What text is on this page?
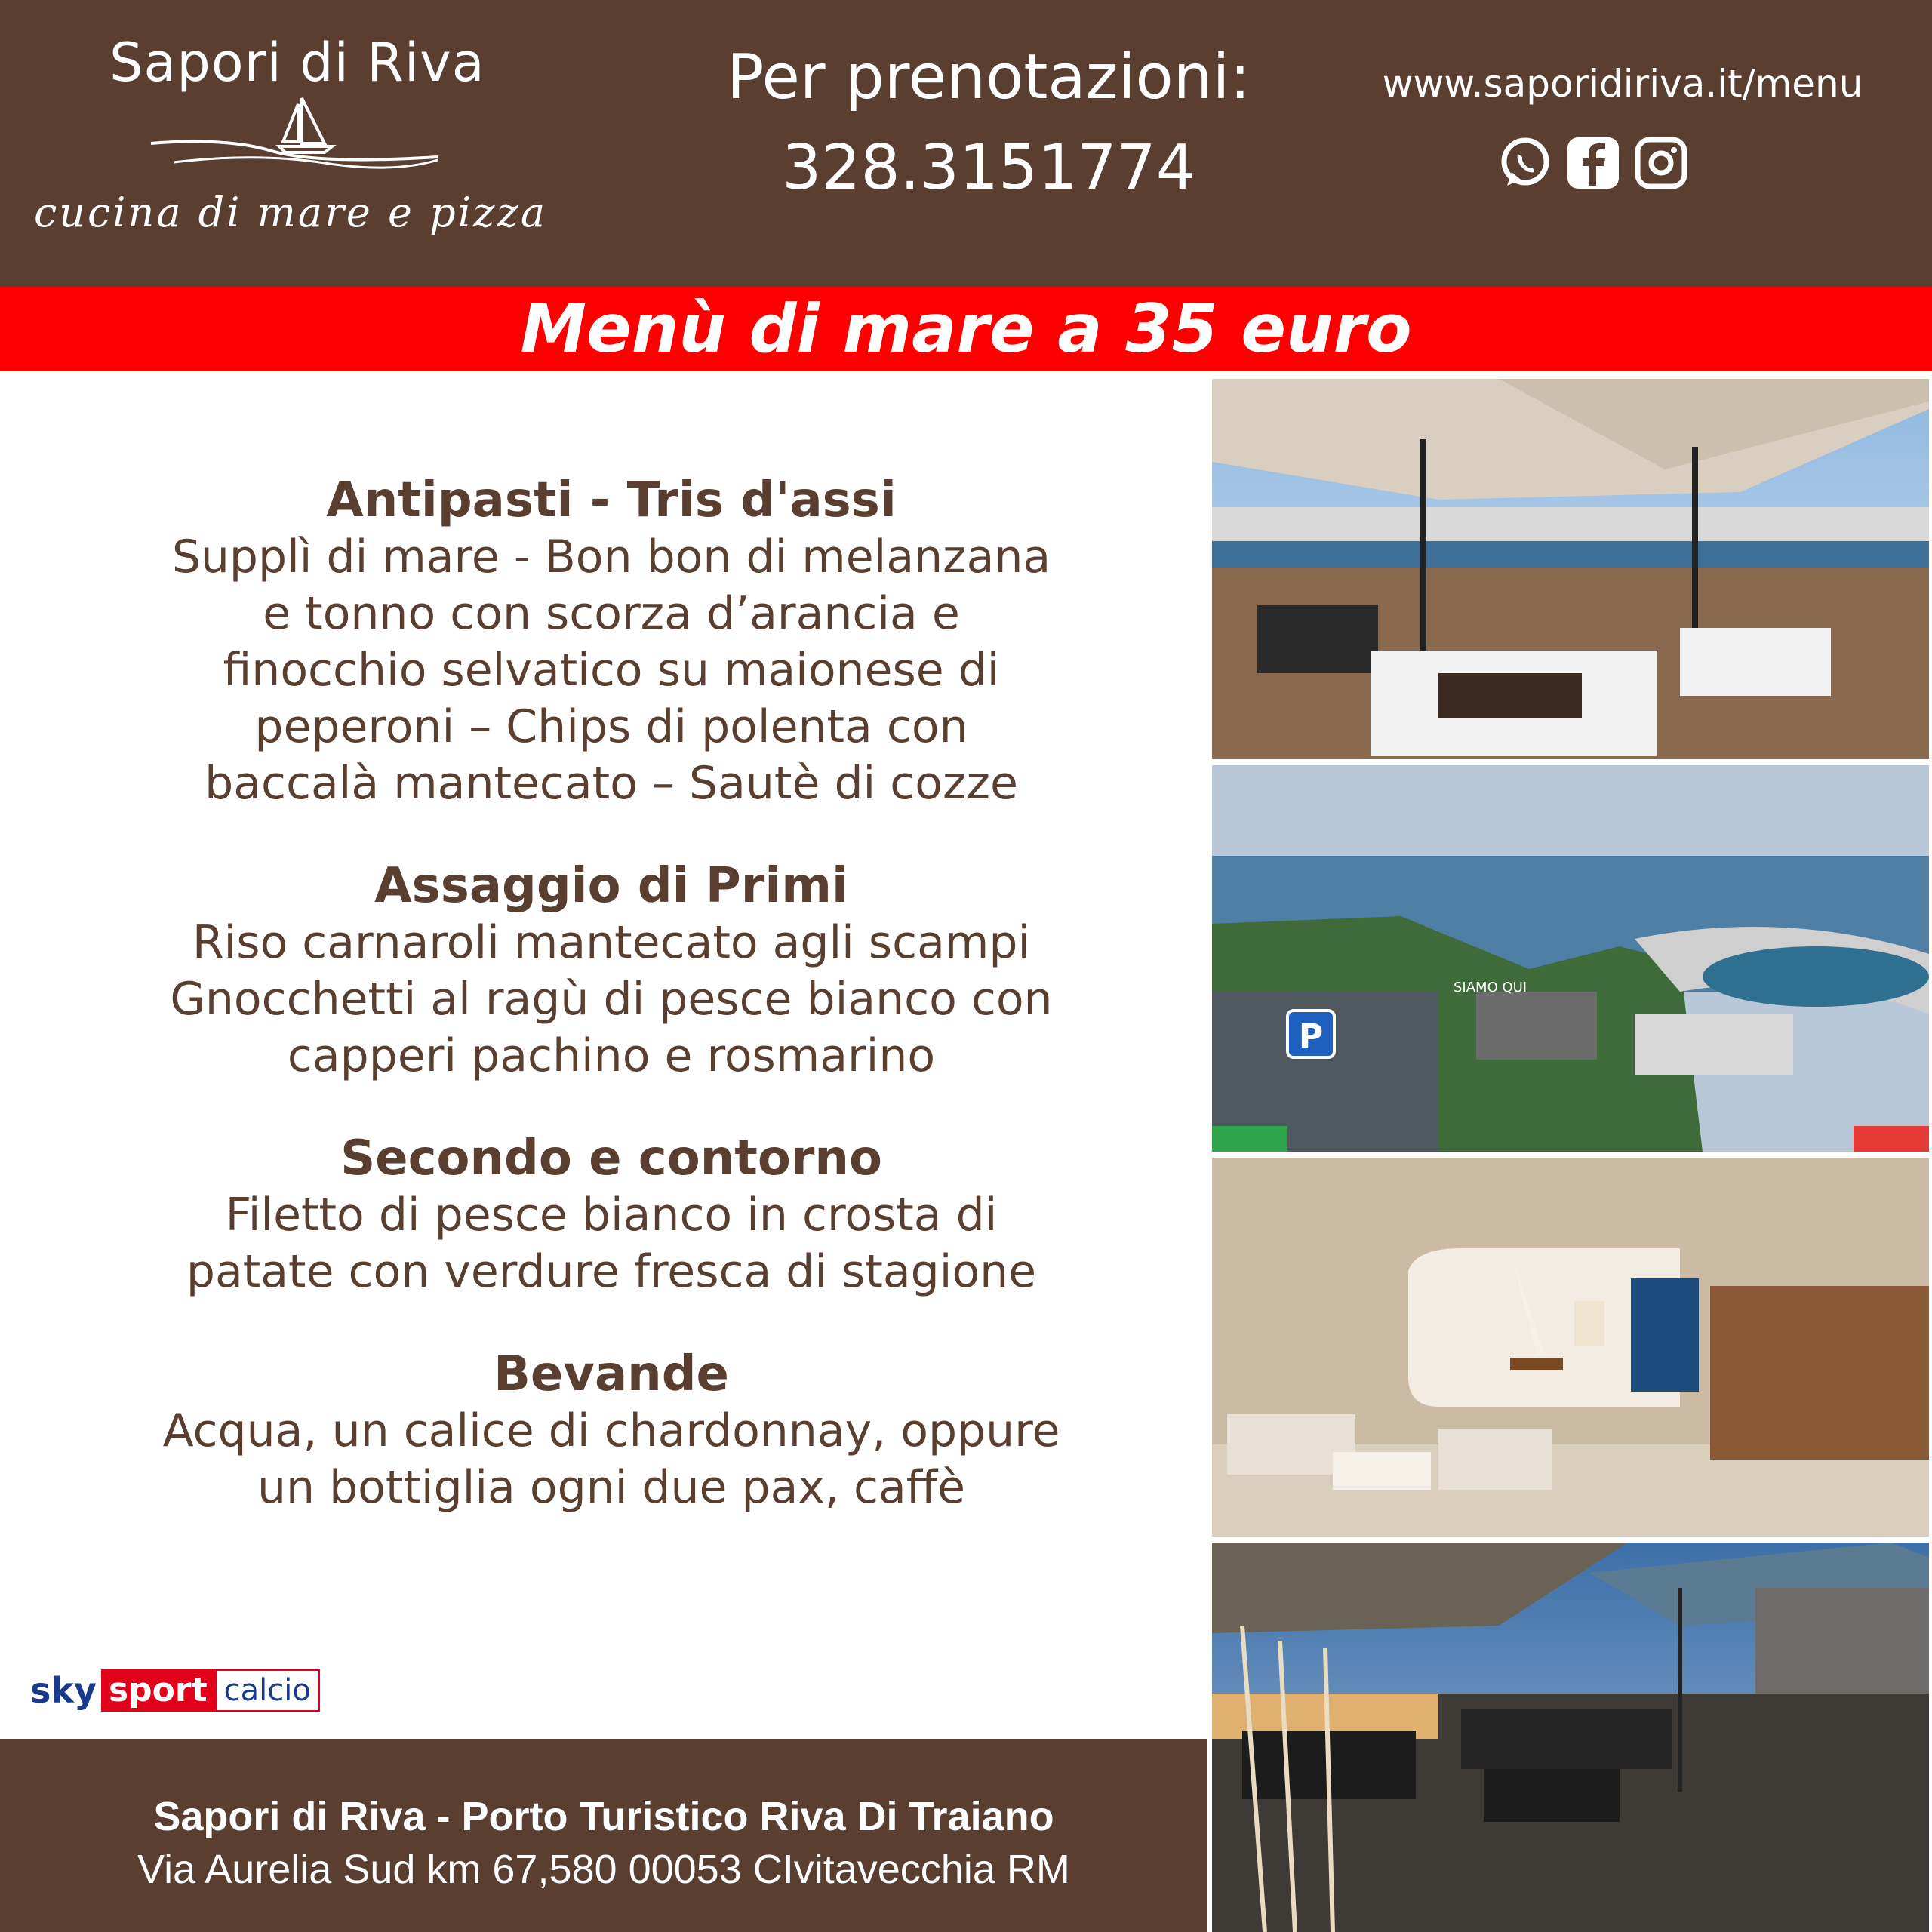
Sapori di Riva
cucina di mare e pizza
Per prenotazioni:
328.3151774
www.saporidiriva.it/menu
Menù di mare a 35 euro
Antipasti - Tris d'assi

Supplì di mare - Bon bon di melanzana
e tonno con scorza d’arancia e
finocchio selvatico su maionese di
peperoni – Chips di polenta con
baccalà mantecato – Sautè di cozze

Assaggio di Primi

Riso carnaroli mantecato agli scampi
Gnocchetti al ragù di pesce bianco con
capperi pachino e rosmarino

Secondo e contorno

Filetto di pesce bianco in crosta di
patate con verdure fresca di stagione

Bevande

Acqua, un calice di chardonnay, oppure
un bottiglia ogni due pax, caffè

sky sport calcio
Sapori di Riva - Porto Turistico Riva Di Traiano
Via Aurelia Sud km 67,580 00053 CIvitavecchia RM
P
SIAMO QUI
